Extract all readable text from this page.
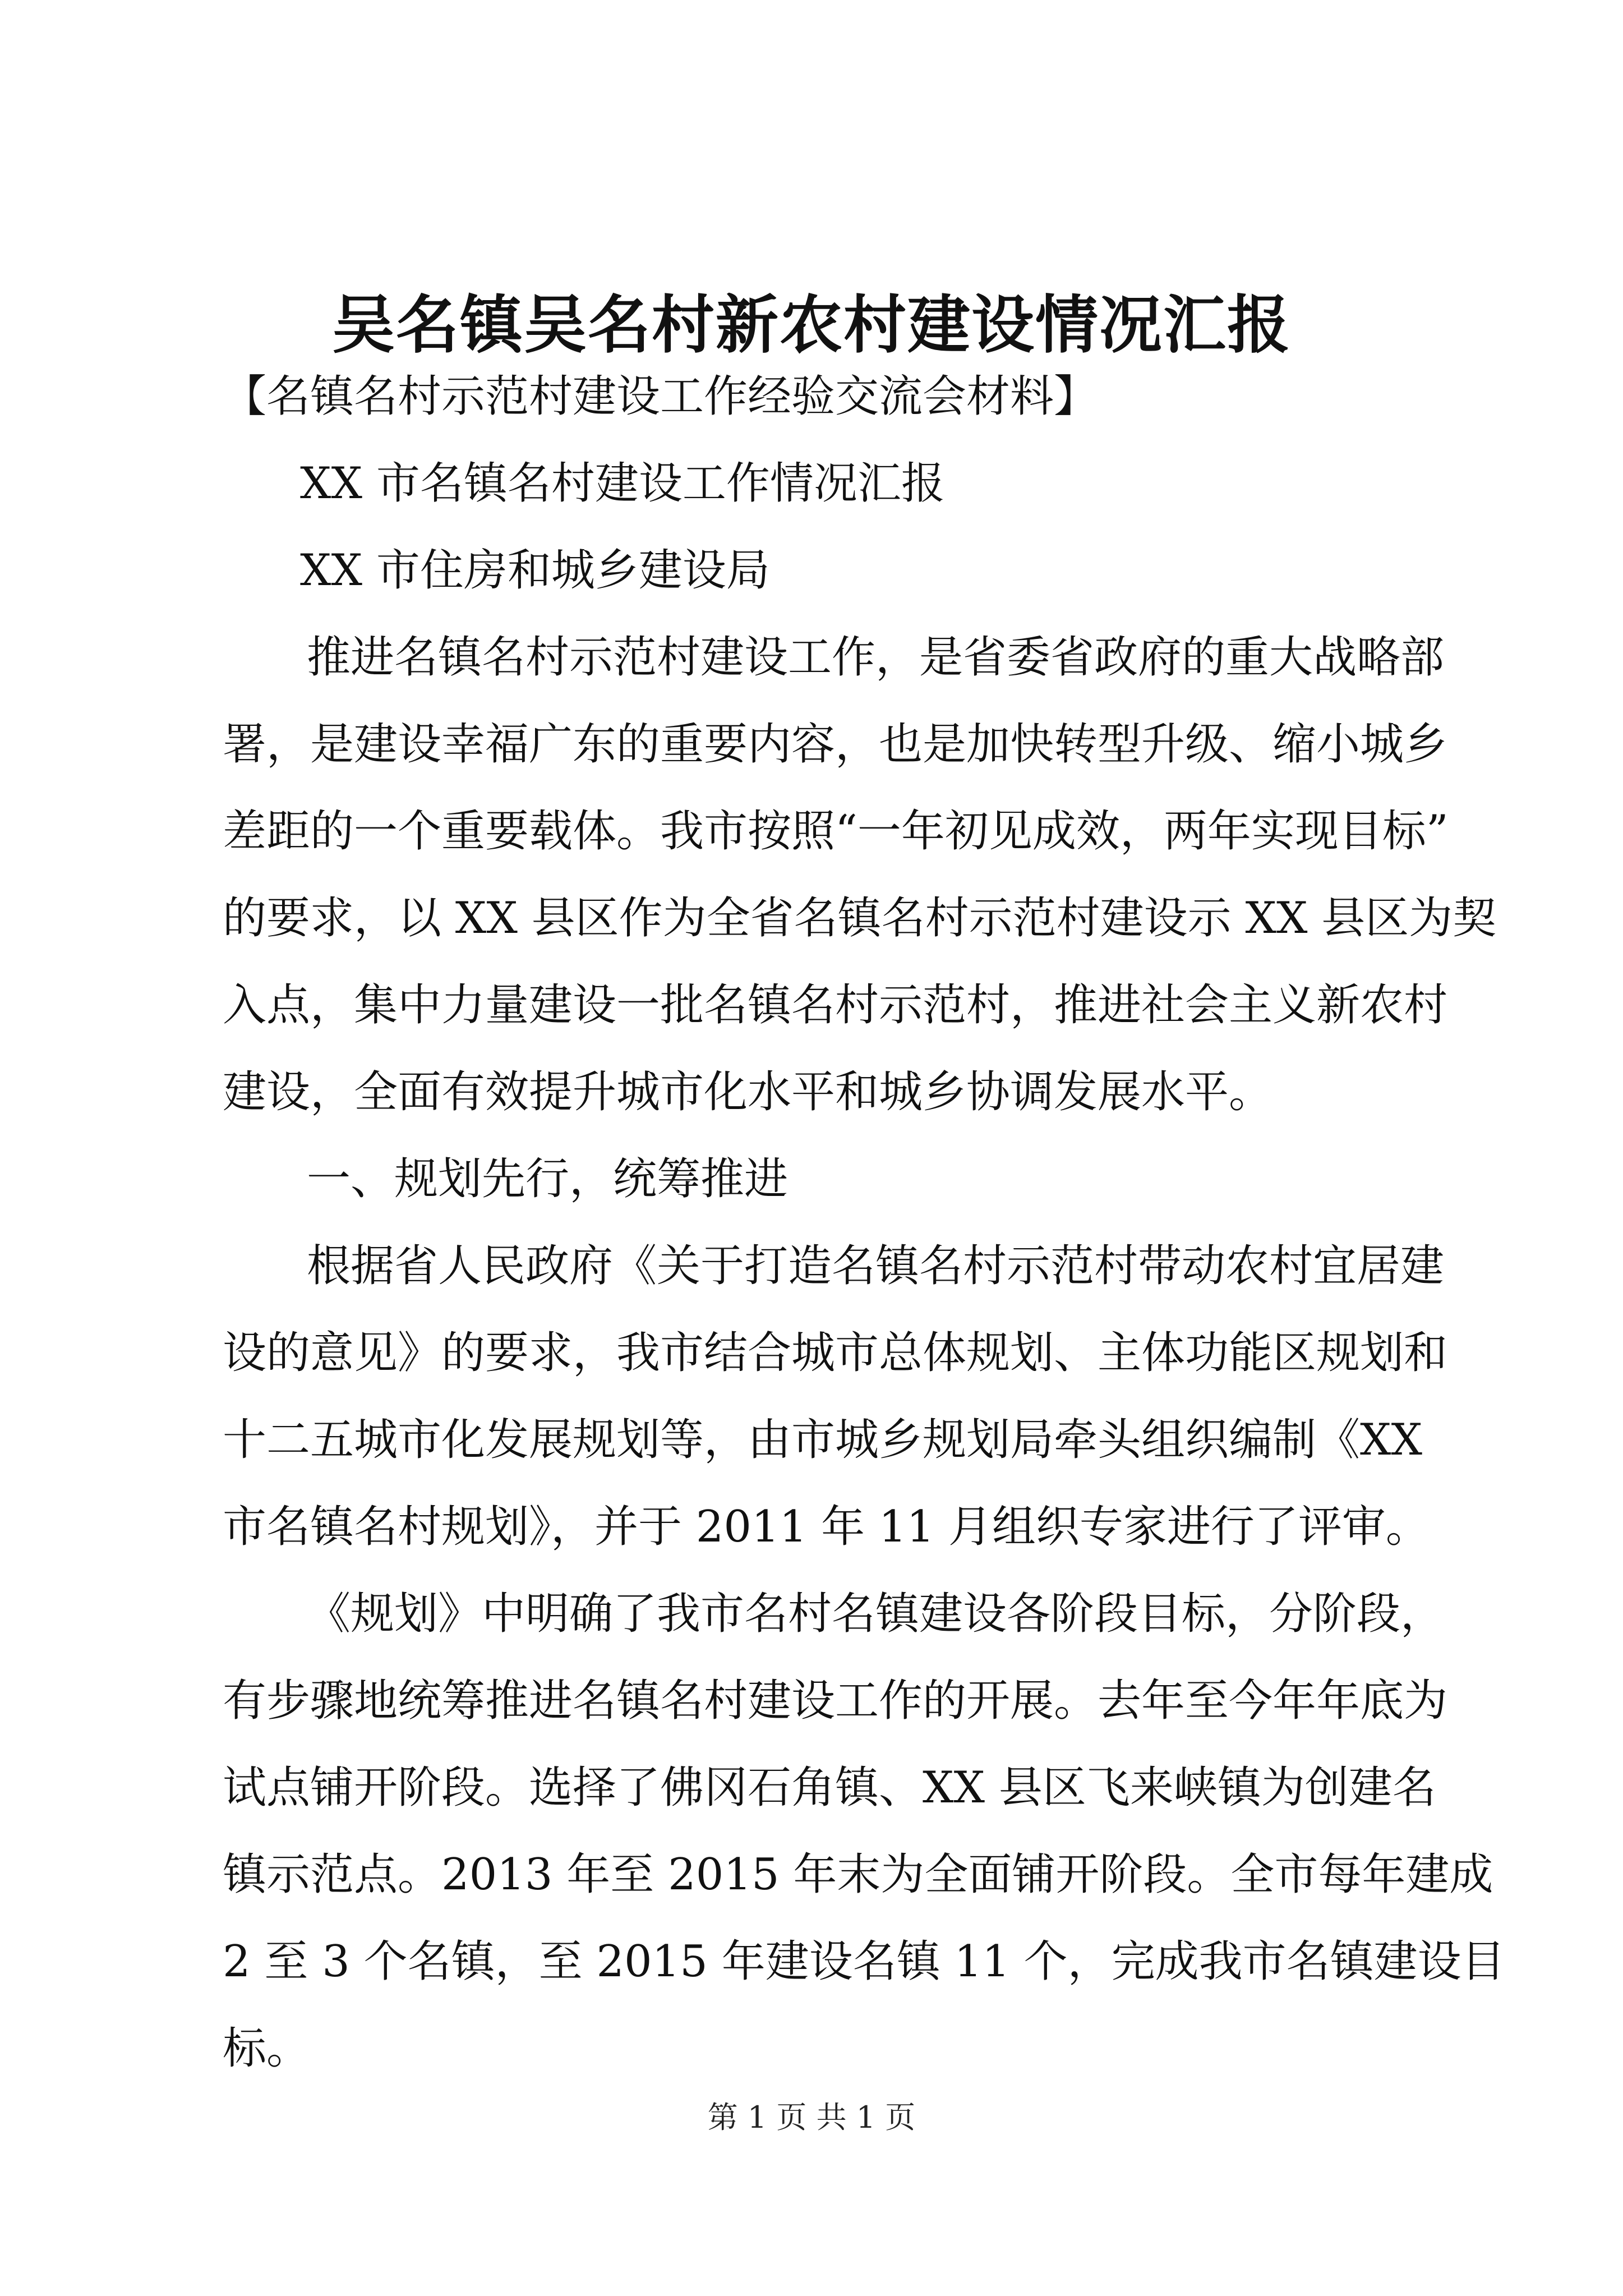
吴名镇吴名村新农村建设情况汇报
【名镇名村示范村建设工作经验交流会材料】
XX 市名镇名村建设工作情况汇报
XX 市住房和城乡建设局
推进名镇名村示范村建设工作，是省委省政府的重大战略部
署，是建设幸福广东的重要内容，也是加快转型升级、缩小城乡
差距的一个重要载体。我市按照“一年初见成效，两年实现目标”
的要求，以 XX 县区作为全省名镇名村示范村建设示 XX 县区为契
入点，集中力量建设一批名镇名村示范村，推进社会主义新农村
建设，全面有效提升城市化水平和城乡协调发展水平。
一、规划先行，统筹推进
根据省人民政府《关于打造名镇名村示范村带动农村宜居建
设的意见》的要求，我市结合城市总体规划、主体功能区规划和
十二五城市化发展规划等，由市城乡规划局牵头组织编制《XX
市名镇名村规划》，并于 2011 年 11 月组织专家进行了评审。
《规划》中明确了我市名村名镇建设各阶段目标，分阶段，
有步骤地统筹推进名镇名村建设工作的开展。去年至今年年底为
试点铺开阶段。选择了佛冈石角镇、XX 县区飞来峡镇为创建名
镇示范点。2013 年至 2015 年末为全面铺开阶段。全市每年建成
2 至 3 个名镇，至 2015 年建设名镇 11 个，完成我市名镇建设目
标。
第 1 页 共 1 页
